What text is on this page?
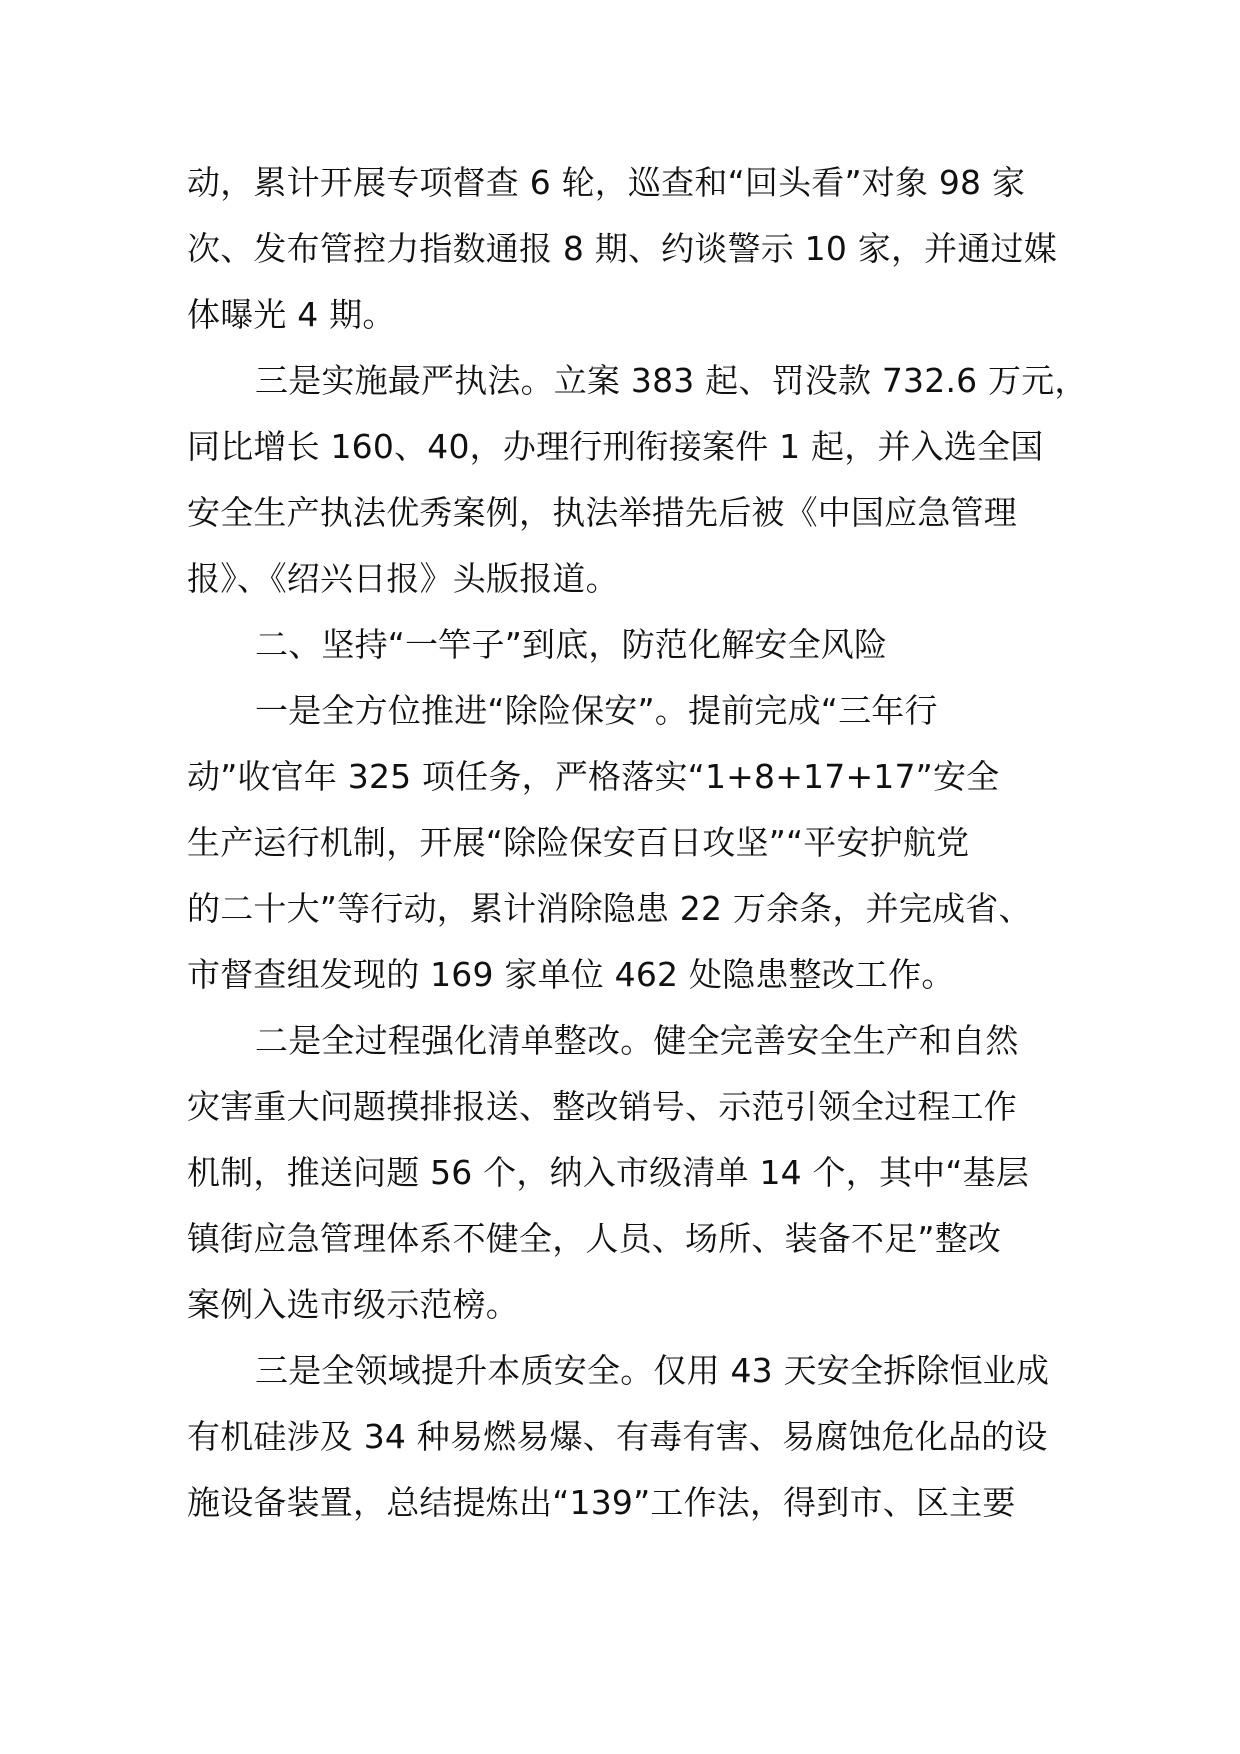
动，累计开展专项督查 6 轮，巡查和“回头看”对象 98 家
次、发布管控力指数通报 8 期、约谈警示 10 家，并通过媒
体曝光 4 期。
三是实施最严执法。立案 383 起、罚没款 732.6 万元，
同比增长 160、40，办理行刑衔接案件 1 起，并入选全国
安全生产执法优秀案例，执法举措先后被《中国应急管理
报》、《绍兴日报》头版报道。
二、坚持“一竿子”到底，防范化解安全风险
一是全方位推进“除险保安”。提前完成“三年行
动”收官年 325 项任务，严格落实“1+8+17+17”安全
生产运行机制，开展“除险保安百日攻坚”“平安护航党
的二十大”等行动，累计消除隐患 22 万余条，并完成省、
市督查组发现的 169 家单位 462 处隐患整改工作。
二是全过程强化清单整改。健全完善安全生产和自然
灾害重大问题摸排报送、整改销号、示范引领全过程工作
机制，推送问题 56 个，纳入市级清单 14 个，其中“基层
镇街应急管理体系不健全，人员、场所、装备不足”整改
案例入选市级示范榜。
三是全领域提升本质安全。仅用 43 天安全拆除恒业成
有机硅涉及 34 种易燃易爆、有毒有害、易腐蚀危化品的设
施设备装置，总结提炼出“139”工作法，得到市、区主要
